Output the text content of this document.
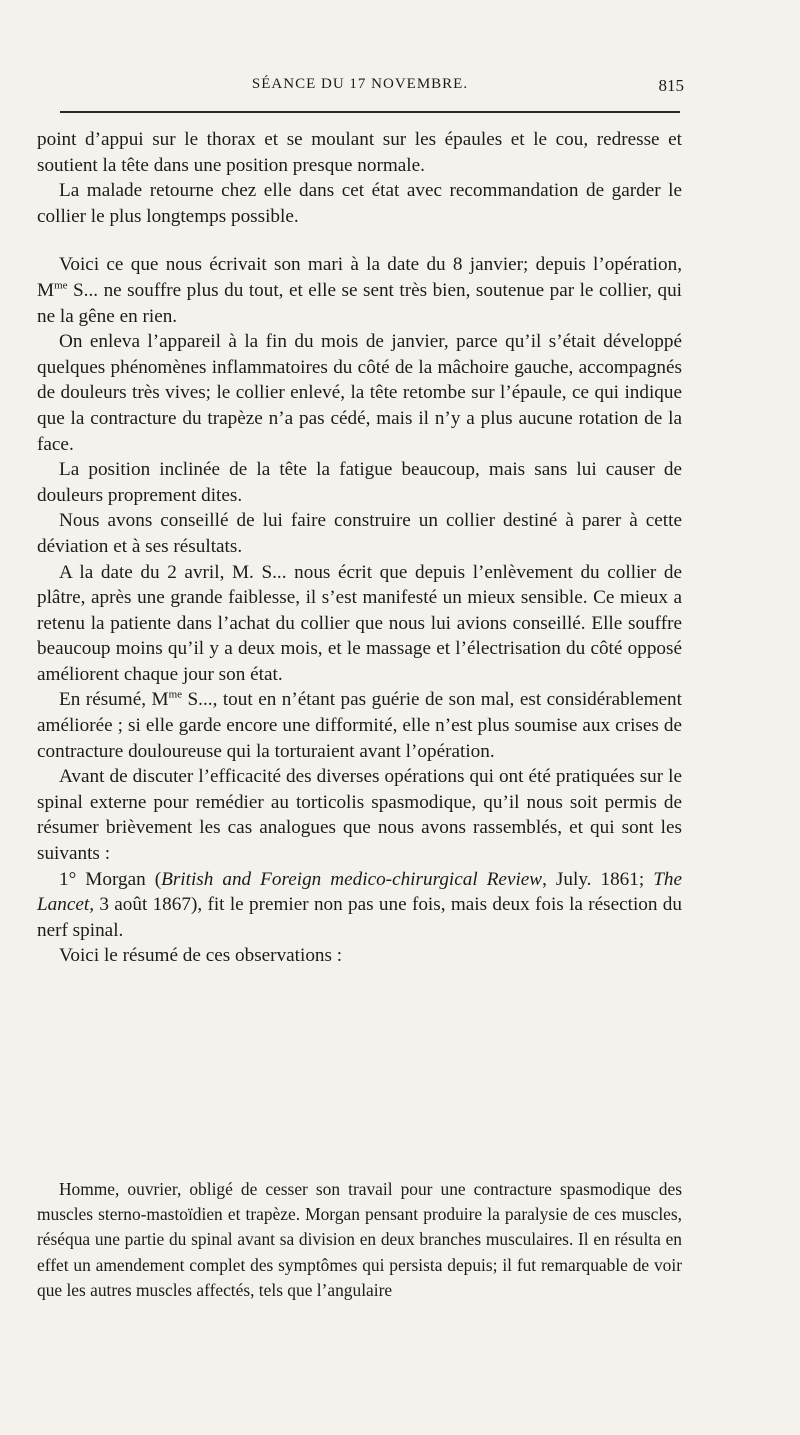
SÉANCE DU 17 NOVEMBRE.	815

point d’appui sur le thorax et se moulant sur les épaules et le cou, redresse et soutient la tête dans une position presque normale.

La malade retourne chez elle dans cet état avec recommandation de garder le collier le plus longtemps possible.

Voici ce que nous écrivait son mari à la date du 8 janvier; depuis l’opération, $M^{me}$ S... ne souffre plus du tout, et elle se sent très bien, soutenue par le collier, qui ne la gêne en rien.

On enleva l’appareil à la fin du mois de janvier, parce qu’il s’était développé quelques phénomènes inflammatoires du côté de la mâchoire gauche, accompagnés de douleurs très vives; le collier enlevé, la tête retombe sur l’épaule, ce qui indique que la contracture du trapèze n’a pas cédé, mais il n’y a plus aucune rotation de la face.

La position inclinée de la tête la fatigue beaucoup, mais sans lui causer de douleurs proprement dites.

Nous avons conseillé de lui faire construire un collier destiné à parer à cette déviation et à ses résultats.

A la date du 2 avril, M. S... nous écrit que depuis l’enlèvement du collier de plâtre, après une grande faiblesse, il s’est manifesté un mieux sensible. Ce mieux a retenu la patiente dans l’achat du collier que nous lui avions conseillé. Elle souffre beaucoup moins qu’il y a deux mois, et le massage et l’électrisation du côté opposé améliorent chaque jour son état.

En résumé, $M^{me}$ S..., tout en n’étant pas guérie de son mal, est considérablement améliorée ; si elle garde encore une difformité, elle n’est plus soumise aux crises de contracture douloureuse qui la torturaient avant l’opération.

Avant de discuter l’efficacité des diverses opérations qui ont été pratiquées sur le spinal externe pour remédier au torticolis spasmodique, qu’il nous soit permis de résumer brièvement les cas analogues que nous avons rassemblés, et qui sont les suivants :

1° Morgan (British and Foreign medico-chirurgical Review, July. 1861; The Lancet, 3 août 1867), fit le premier non pas une fois, mais deux fois la résection du nerf spinal.

Voici le résumé de ces observations :

Homme, ouvrier, obligé de cesser son travail pour une contracture spasmodique des muscles sterno-mastoïdien et trapèze. Morgan pensant produire la paralysie de ces muscles, réséqua une partie du spinal avant sa division en deux branches musculaires. Il en résulta en effet un amendement complet des symptômes qui persista depuis; il fut remarquable de voir que les autres muscles affectés, tels que l’angulaire
